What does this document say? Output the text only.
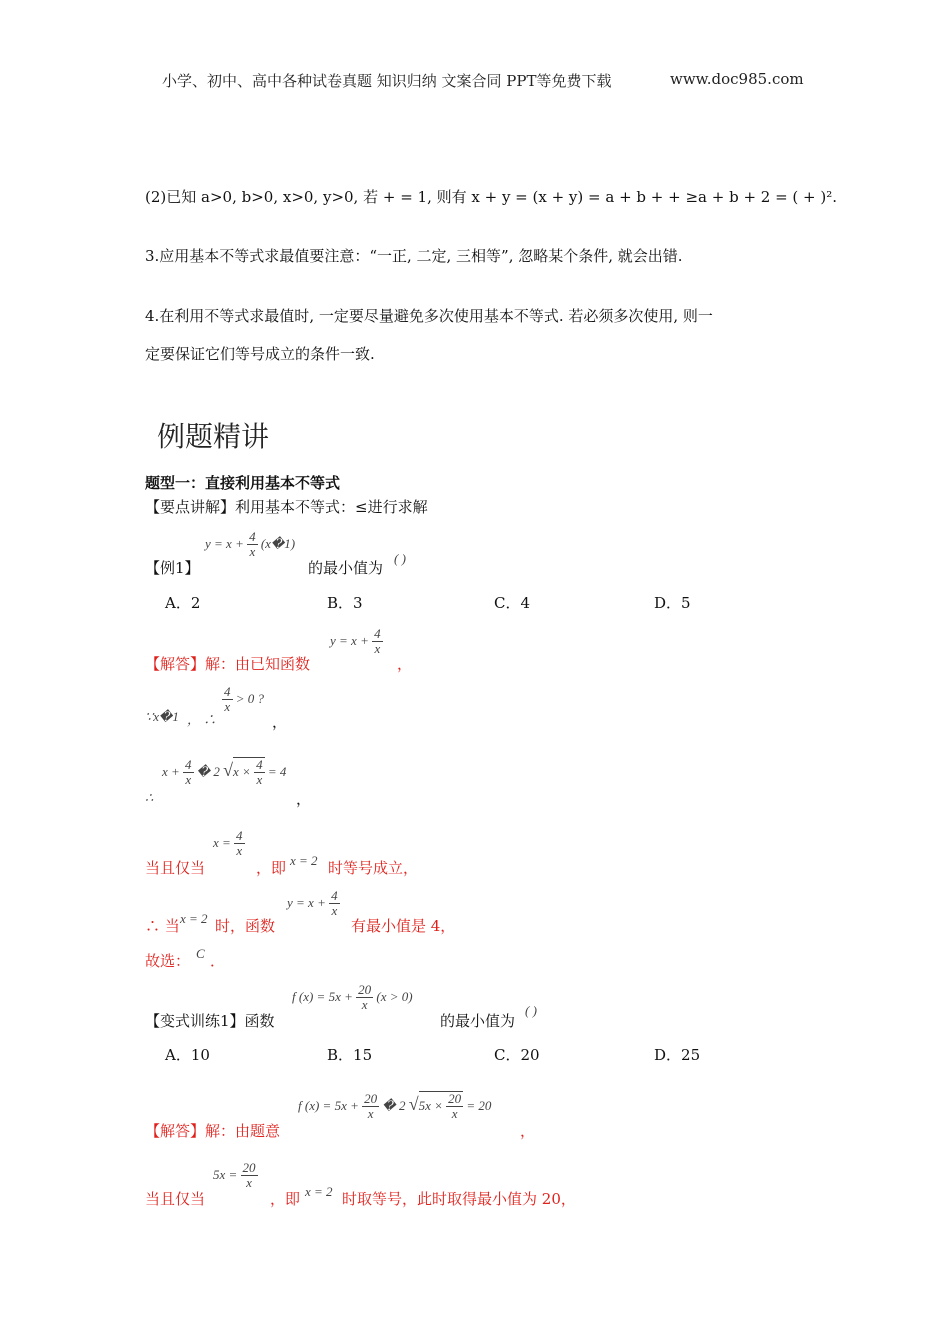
小学、初中、高中各种试卷真题 知识归纳 文案合同 PPT等免费下载	www.doc985.com
(2)已知 a>0, b>0, x>0, y>0, 若 + = 1, 则有 x + y = (x + y) = a + b + + ≥a + b + 2 = ( + )².
3.应用基本不等式求最值要注意：“一正, 二定, 三相等”, 忽略某个条件, 就会出错.
4.在利用不等式求最值时, 一定要尽量避免多次使用基本不等式. 若必须多次使用, 则一
定要保证它们等号成立的条件一致.
例题精讲
题型一：直接利用基本不等式
【要点讲解】利用基本不等式：≤进行求解
【例1】
$y = x + \frac{4}{x}$ (x�1)
的最小值为
( )
A．2	B．3	C．4	D．5
【解答】解：由已知函数
$y = x + \frac{4}{x}$
，
∵x�1 ， ∴
$\frac{4}{x} > 0$ ?
，
∴
$x + \frac{4}{x}$ � 2 $√x \times \frac{4}{x} = 4$
，
当且仅当
$x = \frac{4}{x}$
，即 x = 2 时等号成立，
∴ 当 x = 2 时，函数
$y = x + \frac{4}{x}$
有最小值是 4，
故选： C ．
【变式训练1】函数
f $(x) = 5x + \frac{20}{x} (x > 0)$
的最小值为
( )
A．10	B．15	C．20	D．25
【解答】解：由题意
f $(x) = 5x + \frac{20}{x}$ � 2 $√5x \times \frac{20}{x} = 20$
，
当且仅当
$5x = \frac{20}{x}$
，即 x = 2 时取等号，此时取得最小值为 20，
